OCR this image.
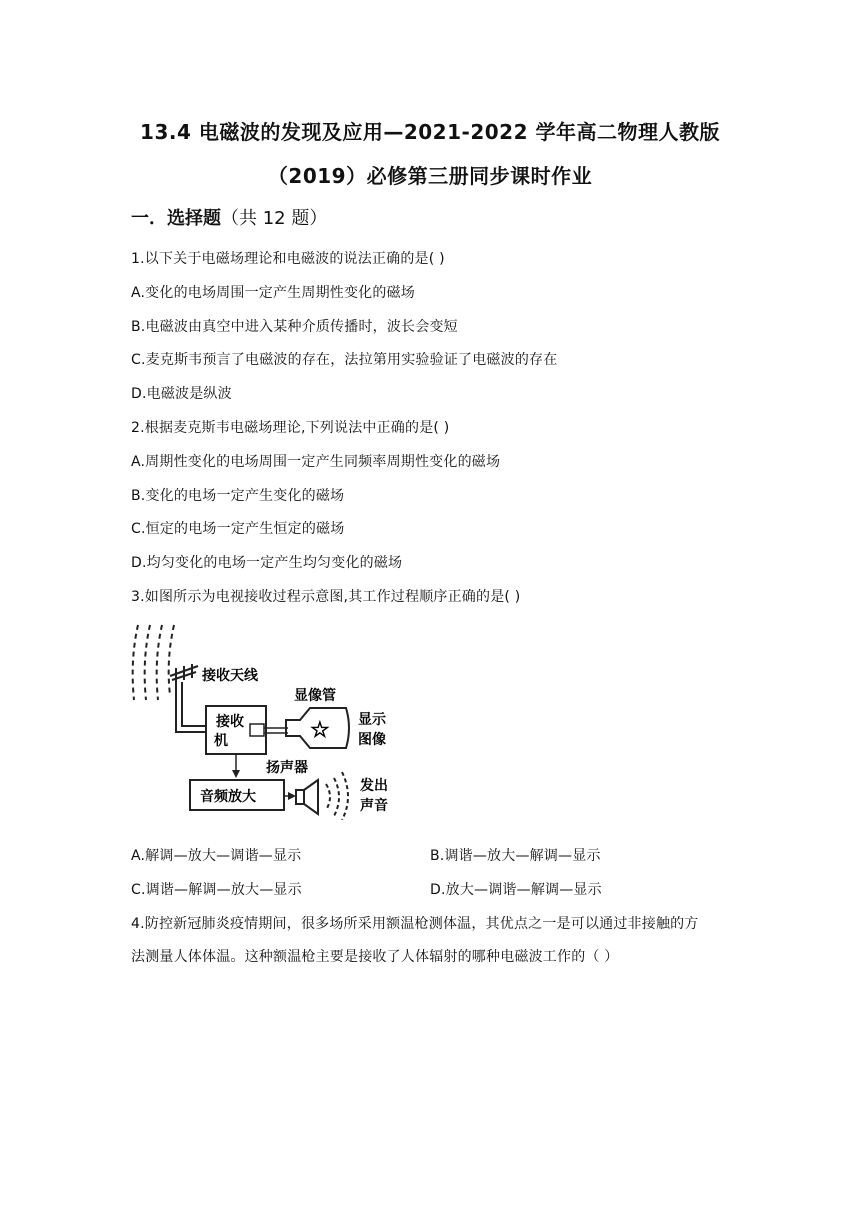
13.4 电磁波的发现及应用—2021-2022 学年高二物理人教版
（2019）必修第三册同步课时作业
一．选择题（共 12 题）
1.以下关于电磁场理论和电磁波的说法正确的是( )
A.变化的电场周围一定产生周期性变化的磁场
B.电磁波由真空中进入某种介质传播时，波长会变短
C.麦克斯韦预言了电磁波的存在，法拉第用实验验证了电磁波的存在
D.电磁波是纵波
2.根据麦克斯韦电磁场理论,下列说法中正确的是( )
A.周期性变化的电场周围一定产生同频率周期性变化的磁场
B.变化的电场一定产生变化的磁场
C.恒定的电场一定产生恒定的磁场
D.均匀变化的电场一定产生均匀变化的磁场
3.如图所示为电视接收过程示意图,其工作过程顺序正确的是( )
接收天线
接收
机	☆
显像管
显示
图像
扬声器
音频放大
发出
声音
A.解调—放大—调谐—显示	B.调谐—放大—解调—显示
C.调谐—解调—放大—显示	D.放大—调谐—解调—显示
4.防控新冠肺炎疫情期间，很多场所采用额温枪测体温，其优点之一是可以通过非接触的方
法测量人体体温。这种额温枪主要是接收了人体辐射的哪种电磁波工作的（ ）
